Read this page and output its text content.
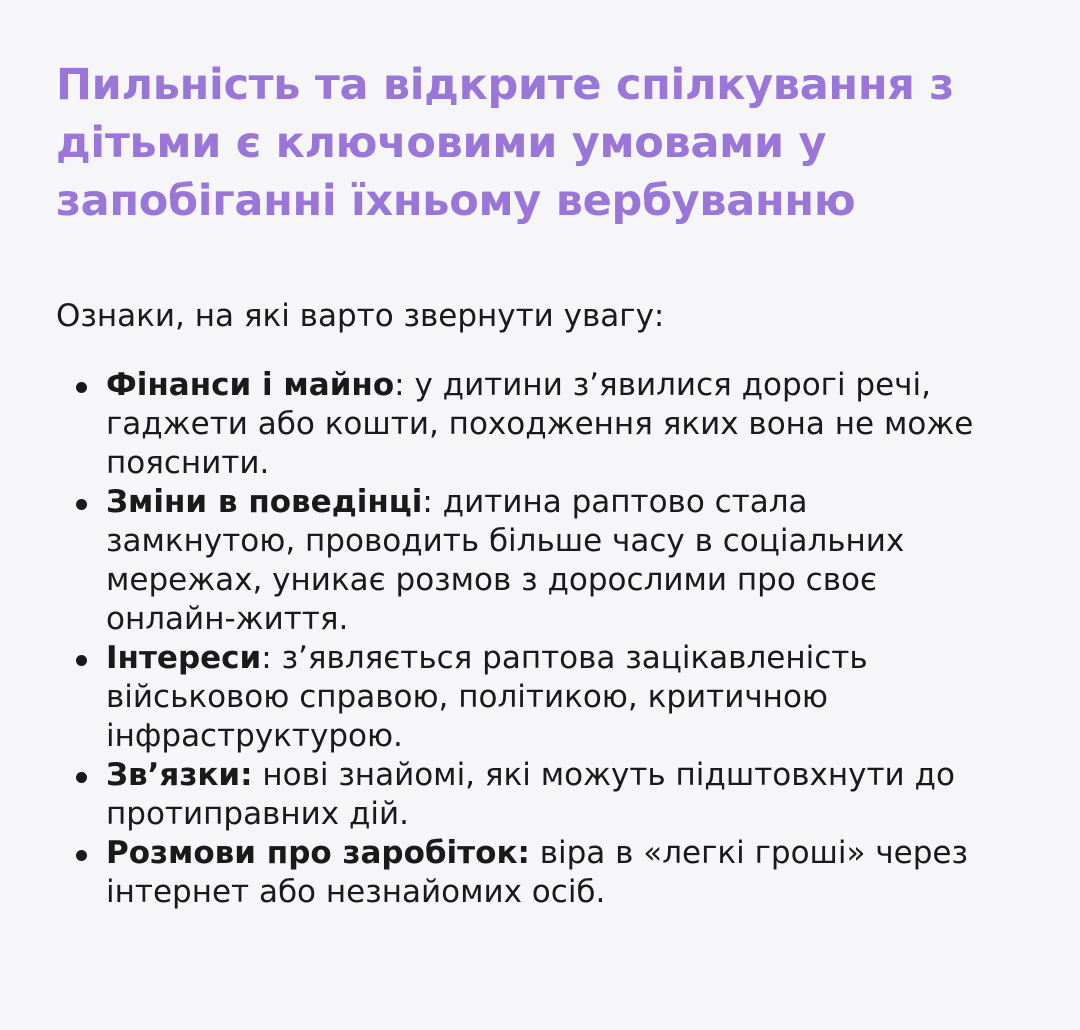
Пильність та відкрите спілкування з дітьми є ключовими умовами у запобіганні їхньому вербуванню

Ознаки, на які варто звернути увагу:

Фінанси і майно: у дитини з’явилися дорогі речі, гаджети або кошти, походження яких вона не може пояснити.
Зміни в поведінці: дитина раптово стала замкнутою, проводить більше часу в соціальних мережах, уникає розмов з дорослими про своє онлайн-життя.
Інтереси: з’являється раптова зацікавленість військовою справою, політикою, критичною інфраструктурою.
Зв’язки: нові знайомі, які можуть підштовхнути до протиправних дій.
Розмови про заробіток: віра в «легкі гроші» через інтернет або незнайомих осіб.
